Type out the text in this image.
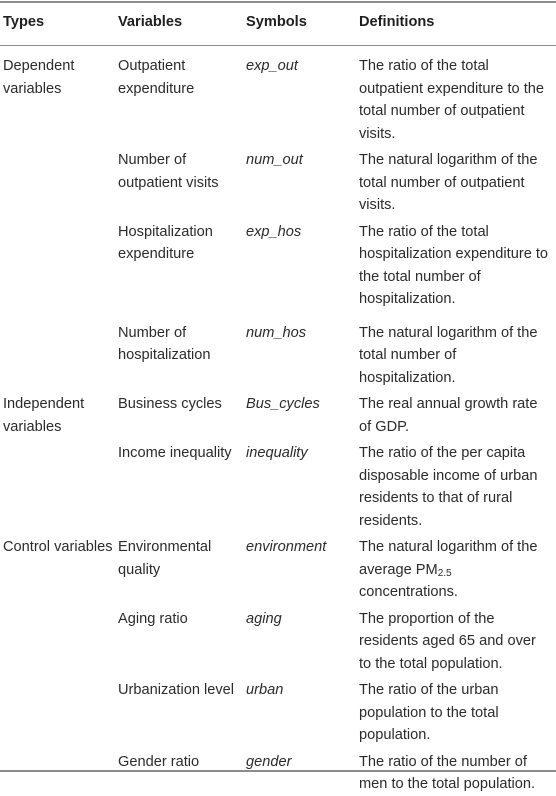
Types	Variables	Symbols	Definitions
Dependent variables	Outpatient expenditure	exp_out	The ratio of the total outpatient expenditure to the total number of outpatient visits.
	Number of outpatient visits	num_out	The natural logarithm of the total number of outpatient visits.
	Hospitalization expenditure	exp_hos	The ratio of the total hospitalization expenditure to the total number of hospitalization.
	Number of hospitalization	num_hos	The natural logarithm of the total number of hospitalization.
Independent variables	Business cycles	Bus_cycles	The real annual growth rate of GDP.
	Income inequality	inequality	The ratio of the per capita disposable income of urban residents to that of rural residents.
Control variables	Environmental quality	environment	The natural logarithm of the average $PM_{2.5}$ concentrations.
	Aging ratio	aging	The proportion of the residents aged 65 and over to the total population.
	Urbanization level	urban	The ratio of the urban population to the total population.
	Gender ratio	gender	The ratio of the number of men to the total population.
